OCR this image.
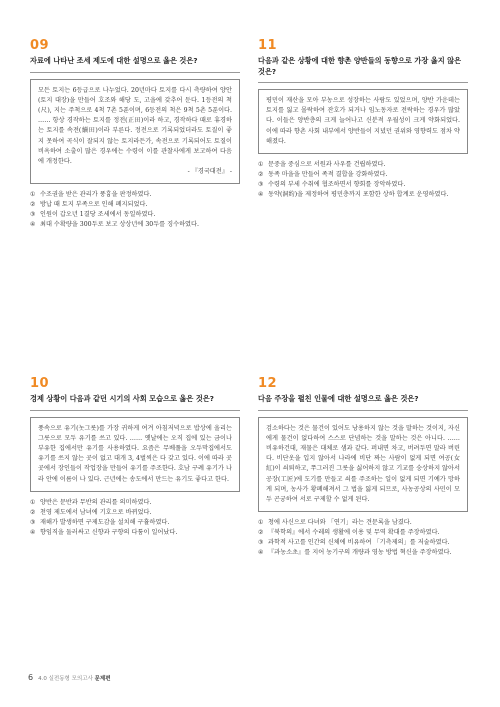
09
자료에 나타난 조세 제도에 대한 설명으로 옳은 것은?
모든 토지는 6등급으로 나누었다. 20년마다 토지를 다시 측량하여 양안(토지 대장)을 만들어 호조와 해당 도, 고을에 갖추어 둔다. 1등전의 척(尺), 지는 주척으로 4척 7촌 5푼이며, 6등전의 척은 9척 5촌 5푼이다. …… 항상 경작하는 토지를 정전(正田)이라 하고, 경작하다 때로 휴경하는 토지를 속전(續田)이라 부른다. 정전으로 기록되었더라도 토질이 좋지 못하여 곡식이 잘되지 않는 토지라든가, 속전으로 기록되어도 토질이 비옥하여 소출이 많은 경우에는 수령이 이를 관찰사에게 보고하여 다음에 개정한다.
- 『경국대전』 -
① 수조권을 받은 관리가 풍흉을 판정하였다.
② 방납 때 토지 부족으로 인해 폐지되었다.
③ 인원이 갑오년 1결당 조세에서 동일하였다.
④ 최대 수확량을 300두로 보고 상상년에 30두를 징수하였다.
11
다음과 같은 상황에 대한 향촌 양반들의 동향으로 가장 옳지 않은 것은?
평민이 재산을 모아 부농으로 성장하는 사람도 있었으며, 양반 가운데는 토지를 잃고 몰락하여 잔호가 되거나 임노동자로 전락하는 경우가 많았다. 이들은 양반층의 크게 늘어나고 신분적 우월성이 크게 약화되었다. 이에 따라 향촌 사회 내부에서 양반들이 지녔던 권위와 영향력도 점차 약해졌다.
① 문중을 중심으로 서원과 사우를 건립하였다.
② 동족 마을을 만들어 족적 결합을 강화하였다.
③ 수령의 부세 수취에 협조하면서 향회를 장악하였다.
④ 동약(洞約)을 제정하여 평민층까지 포함한 상하 합계로 운영하였다.
10
경제 상황이 다음과 같던 시기의 사회 모습으로 옳은 것은?
풍속으로 유기(놋그릇)를 가장 귀하게 여겨 아침저녁으로 밥상에 올리는 그릇으로 모두 유기를 쓰고 있다. …… 옛날에는 오직 집에 있는 금이나 부유한 집에서만 유기를 사용하였다. 요즘은 무베풀을 오두막집에서도 유기를 쓰지 않는 곳이 없고 대개 3, 4벌씩은 다 갖고 있다. 이에 따라 곳곳에서 장인들이 작업장을 만들어 유기를 주조한다. 호남 구례 유기가 나라 안에 이름이 나 있다. 근년에는 송도에서 만드는 유기도 좋다고 한다.
① 양반은 문반과 무반의 관리를 의미하였다.
② 천영 제도에서 남녀에 기호으로 바뀌었다.
③ 재해가 발생하면 구제도감을 설치해 구휼하였다.
④ 향임직을 둘러싸고 신향과 구향의 다툼이 일어났다.
12
다음 주장을 펼친 인물에 대한 설명으로 옳은 것은?
검소하다는 것은 물건이 있어도 낭용하지 않는 것을 말하는 것이지, 자신에게 물건이 없다하여 스스로 단념하는 것을 말하는 것은 아니다. …… 비유하건대, 재물은 대체로 샘과 같다. 퍼내면 차고, 버려두면 말라 버린다. 비단옷을 입지 않아서 나라에 비단 짜는 사람이 없게 되면 여공(女紅)이 쇠퇴하고, 쭈그러진 그릇을 싫어하지 않고 기교를 숭상하지 않아서 공장(工匠)에 도기를 만들고 쇠를 주조하는 일이 없게 되면 기예가 망하게 되며, 농사가 황폐해져서 그 법을 잃게 되므로, 사농공상의 사민이 모두 곤궁하여 서로 구제할 수 없게 된다.
① 청에 사신으로 다녀와 「연기」라는 견문록을 남겼다.
② 『북학의』에서 수레의 생활에 이용 및 무역 확대를 주장하였다.
③ 과학적 사고를 인간의 신체에 비유하여 「기측제의」를 저술하였다.
④ 『과농소초』를 지어 농기구의 개량과 영농 방법 혁신을 주장하였다.
6 4.0 실전동형 모의고사 문제편
